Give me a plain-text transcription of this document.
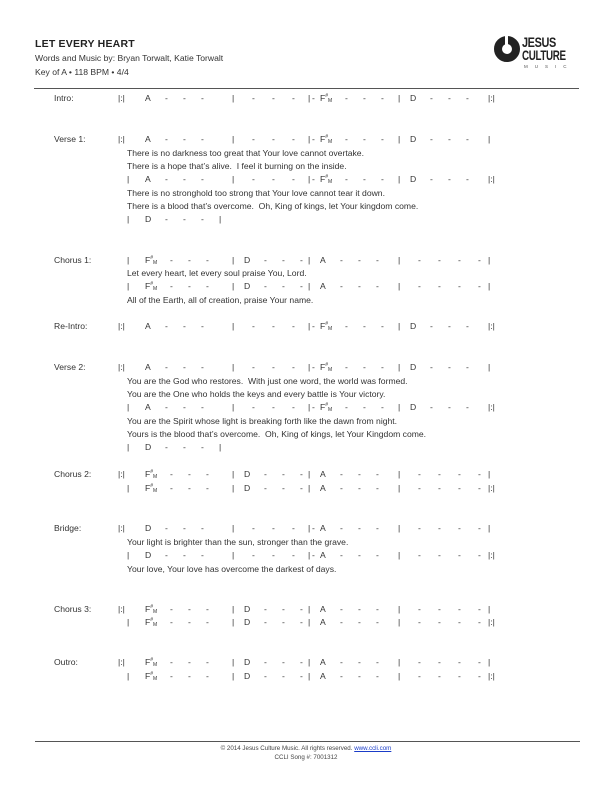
LET EVERY HEART
Words and Music by: Bryan Torwalt, Katie Torwalt
Key of A • 118 BPM • 4/4
JESUS
CULTURE
MUSIC
Intro:	|:| A - - -	| - - - -
| $F^{\#}_M$ - - - | D - - - |:|
Verse 1:	|:| A - - -	| - - - -
| $F^{\#}_M$ - - - | D - - - |
There is no darkness too great that Your love cannot overtake.
There is a hope that’s alive.  I feel it burning on the inside.
| A - - -	| - - - -
| $F^{\#}_M$ - - - | D - - - |:|
There is no stronghold too strong that Your love cannot tear it down.
There is a blood that’s overcome.  Oh, King of kings, let Your kingdom come.
| D - - - |
Chorus 1:	| $F^{\#}_M$ - - -	| D - - - | A - - - | - - - - |
Let every heart, let every soul praise You, Lord.
| $F^{\#}_M$ - - -	| D - - - | A - - - | - - - - |
All of the Earth, all of creation, praise Your name.
Re-Intro:	|:| A - - -	| - - - -
| $F^{\#}_M$ - - - | D - - - |:|
Verse 2:	|:| A - - -	| - - - -
| $F^{\#}_M$ - - - | D - - - |
You are the God who restores.  With just one word, the world was formed.
You are the One who holds the keys and every battle is Your victory.
| A - - -	| - - - -
| $F^{\#}_M$ - - - | D - - - |:|
You are the Spirit whose light is breaking forth like the dawn from night.
Yours is the blood that’s overcome.  Oh, King of kings, let Your Kingdom come.
| D - - - |
Chorus 2:	|:| $F^{\#}_M$ - - -	| D - - - | A - - - | - - - - |
| $F^{\#}_M$ - - -	| D - - - | A - - - | - - - - |:|
Bridge:	|:| D - - -	| - - - -
| A - - - | - - - - |
Your light is brighter than the sun, stronger than the grave.
| D - - -	| - - - -
| A - - - | - - - - |:|
Your love, Your love has overcome the darkest of days.
Chorus 3:	|:| $F^{\#}_M$ - - -	| D - - - | A - - - | - - - - |
| $F^{\#}_M$ - - -	| D - - - | A - - - | - - - - |:|
Outro:	|:| $F^{\#}_M$ - - -	| D - - - | A - - - | - - - - |
| $F^{\#}_M$ - - -	| D - - - | A - - - | - - - - |:|
© 2014 Jesus Culture Music. All rights reserved. www.ccli.com
CCLI Song #: 7001312
